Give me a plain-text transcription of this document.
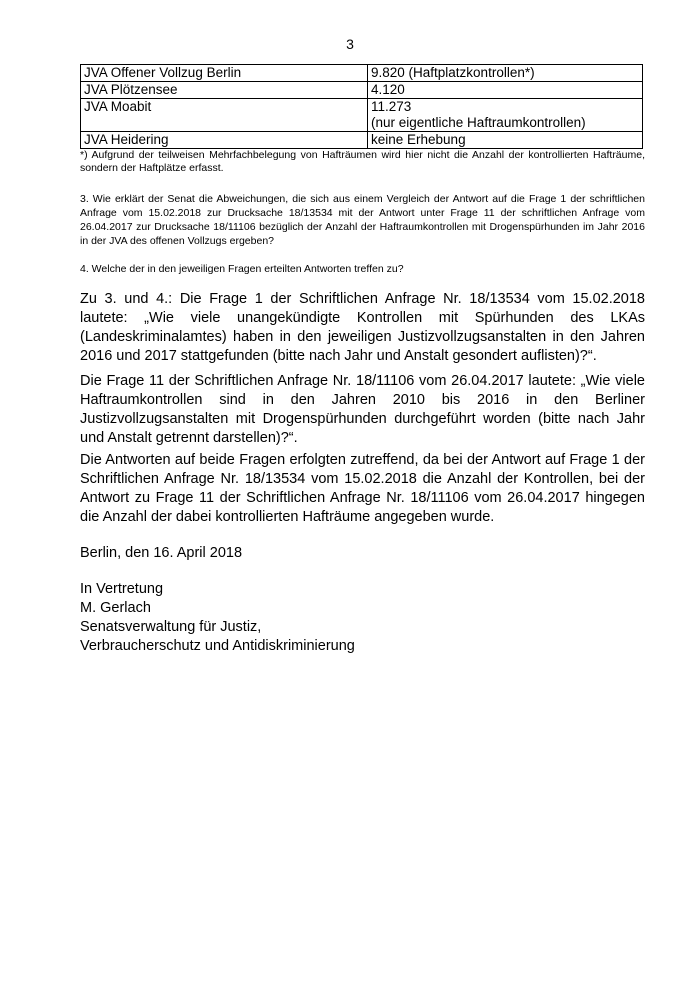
3
JVA Offener Vollzug Berlin	9.820 (Haftplatzkontrollen*)

JVA Plötzensee	4.120

JVA Moabit	11.273
(nur eigentliche Haftraumkontrollen)

JVA Heidering	keine Erhebung
*) Aufgrund der teilweisen Mehrfachbelegung von Hafträumen wird hier nicht die Anzahl der kontrollierten Hafträume, sondern der Haftplätze erfasst.
3. Wie erklärt der Senat die Abweichungen, die sich aus einem Vergleich der Antwort auf die Frage 1 der schriftlichen Anfrage vom 15.02.2018 zur Drucksache 18/13534 mit der Antwort unter Frage 11 der schriftlichen Anfrage vom 26.04.2017 zur Drucksache 18/11106 bezüglich der Anzahl der Haftraumkontrollen mit Drogenspürhunden im Jahr 2016 in der JVA des offenen Vollzugs ergeben?
4. Welche der in den jeweiligen Fragen erteilten Antworten treffen zu?
Zu 3. und 4.: Die Frage 1 der Schriftlichen Anfrage Nr. 18/13534 vom 15.02.2018 lautete: „Wie viele unangekündigte Kontrollen mit Spürhunden des LKAs (Landeskriminalamtes) haben in den jeweiligen Justizvollzugsanstalten in den Jahren 2016 und 2017 stattgefunden (bitte nach Jahr und Anstalt gesondert auflisten)?“.
Die Frage 11 der Schriftlichen Anfrage Nr. 18/11106 vom 26.04.2017 lautete: „Wie viele Haftraumkontrollen sind in den Jahren 2010 bis 2016 in den Berliner Justizvollzugsanstalten mit Drogenspürhunden durchgeführt worden (bitte nach Jahr und Anstalt getrennt darstellen)?“.
Die Antworten auf beide Fragen erfolgten zutreffend, da bei der Antwort auf Frage 1 der Schriftlichen Anfrage Nr. 18/13534 vom 15.02.2018 die Anzahl der Kontrollen, bei der Antwort zu Frage 11 der Schriftlichen Anfrage Nr. 18/11106 vom 26.04.2017 hingegen die Anzahl der dabei kontrollierten Hafträume angegeben wurde.
Berlin, den 16. April 2018
In Vertretung
M. Gerlach
Senatsverwaltung für Justiz,
Verbraucherschutz und Antidiskriminierung
